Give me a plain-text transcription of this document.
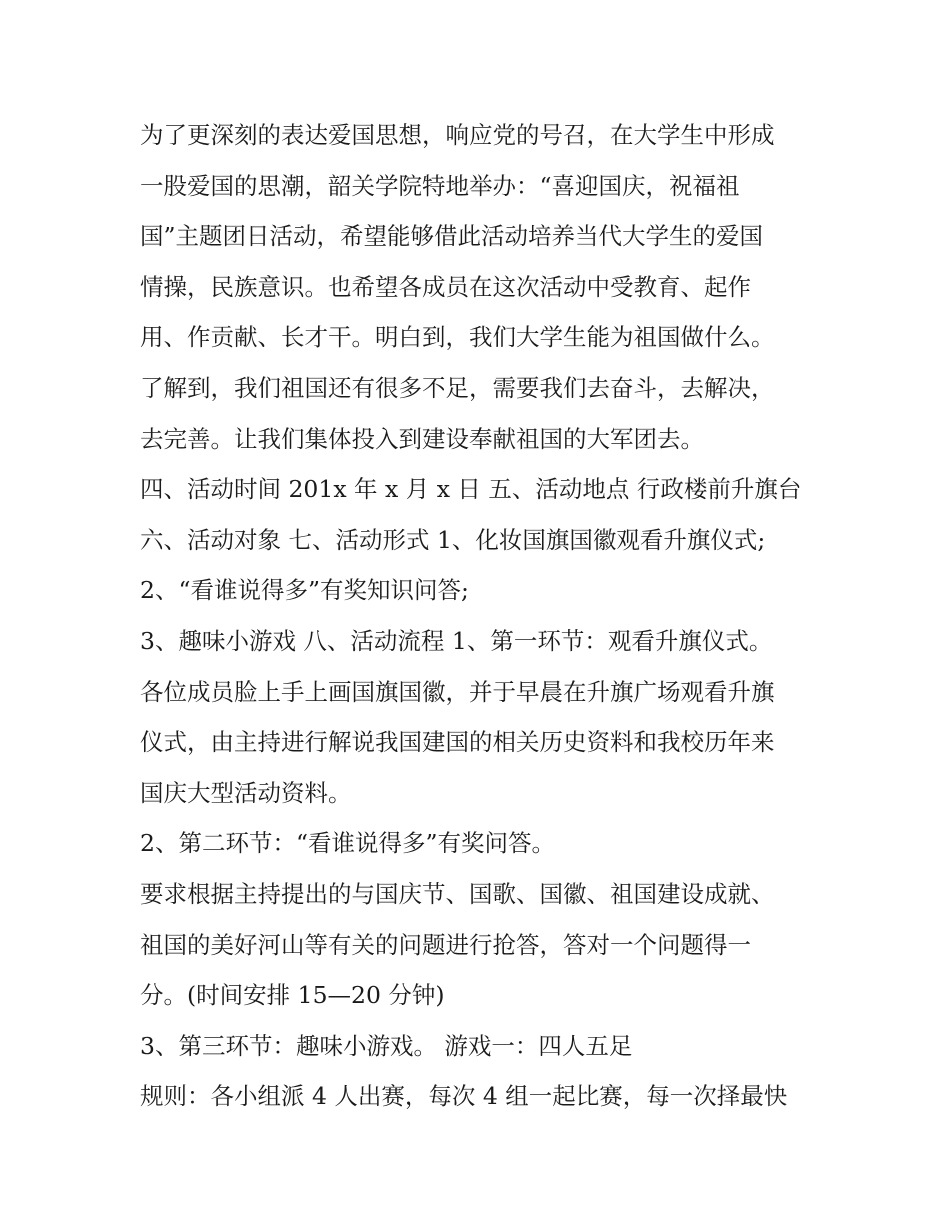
为了更深刻的表达爱国思想，响应党的号召，在大学生中形成
一股爱国的思潮，韶关学院特地举办：“喜迎国庆，祝福祖
国”主题团日活动，希望能够借此活动培养当代大学生的爱国
情操，民族意识。也希望各成员在这次活动中受教育、起作
用、作贡献、长才干。明白到，我们大学生能为祖国做什么。
了解到，我们祖国还有很多不足，需要我们去奋斗，去解决，
去完善。让我们集体投入到建设奉献祖国的大军团去。
四、活动时间 201x 年 x 月 x 日 五、活动地点 行政楼前升旗台
六、活动对象 七、活动形式 1、化妆国旗国徽观看升旗仪式;
2、“看谁说得多”有奖知识问答;
3、趣味小游戏 八、活动流程 1、第一环节：观看升旗仪式。
各位成员脸上手上画国旗国徽，并于早晨在升旗广场观看升旗
仪式，由主持进行解说我国建国的相关历史资料和我校历年来
国庆大型活动资料。
2、第二环节：“看谁说得多”有奖问答。
要求根据主持提出的与国庆节、国歌、国徽、祖国建设成就、
祖国的美好河山等有关的问题进行抢答，答对一个问题得一
分。(时间安排 15—20 分钟)
3、第三环节：趣味小游戏。 游戏一：四人五足
规则：各小组派 4 人出赛，每次 4 组一起比赛，每一次择最快
